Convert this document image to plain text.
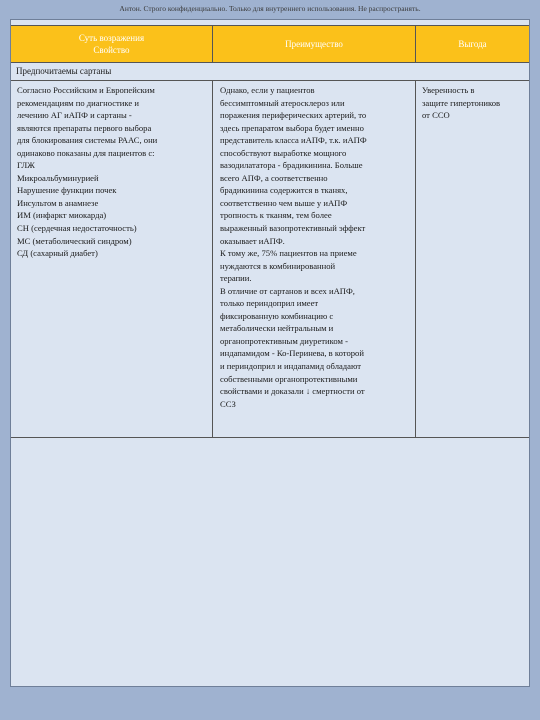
Антон. Строго конфиденциально. Только для внутреннего использования. Не распространять.
Суть возражения
Свойство
Преимущество	Выгода
Предпочитаемы сартаны
Согласно Российским и Европейским
рекомендациям по диагностике и
лечению АГ иАПФ и сартаны -
являются препараты первого выбора
для блокирования системы РААС, они
одинаково показаны для пациентов с:
ГЛЖ
Микроальбуминурией
Нарушение функции почек
Инсультом в анамнезе
ИМ (инфаркт миокарда)
СН (сердечная недостаточность)
МС (метаболический синдром)
СД (сахарный диабет)
Однако, если у пациентов
бессимптомный атеросклероз или
поражения периферических артерий, то
здесь препаратом выбора будет именно
представитель класса иАПФ, т.к. иАПФ
способствуют выработке мощного
вазодилататора - брадикинина. Больше
всего АПФ, а соответственно
брадикинина содержится в тканях,
соответственно чем выше у иАПФ
тропность к тканям, тем более
выраженный вазопротективный эффект
оказывает иАПФ.
К тому же, 75% пациентов на приеме
нуждаются в комбинированной
терапии.
В отличие от сартанов и всех иАПФ,
только периндоприл имеет
фиксированную комбинацию с
метаболически нейтральным и
органопротективным диуретиком -
индапамидом - Ко-Перинева, в которой
и периндоприл и индапамид обладают
собственными органопротективными
свойствами и доказали ↓ смертности от
ССЗ
Уверенность в
защите гипертоников
от ССО
